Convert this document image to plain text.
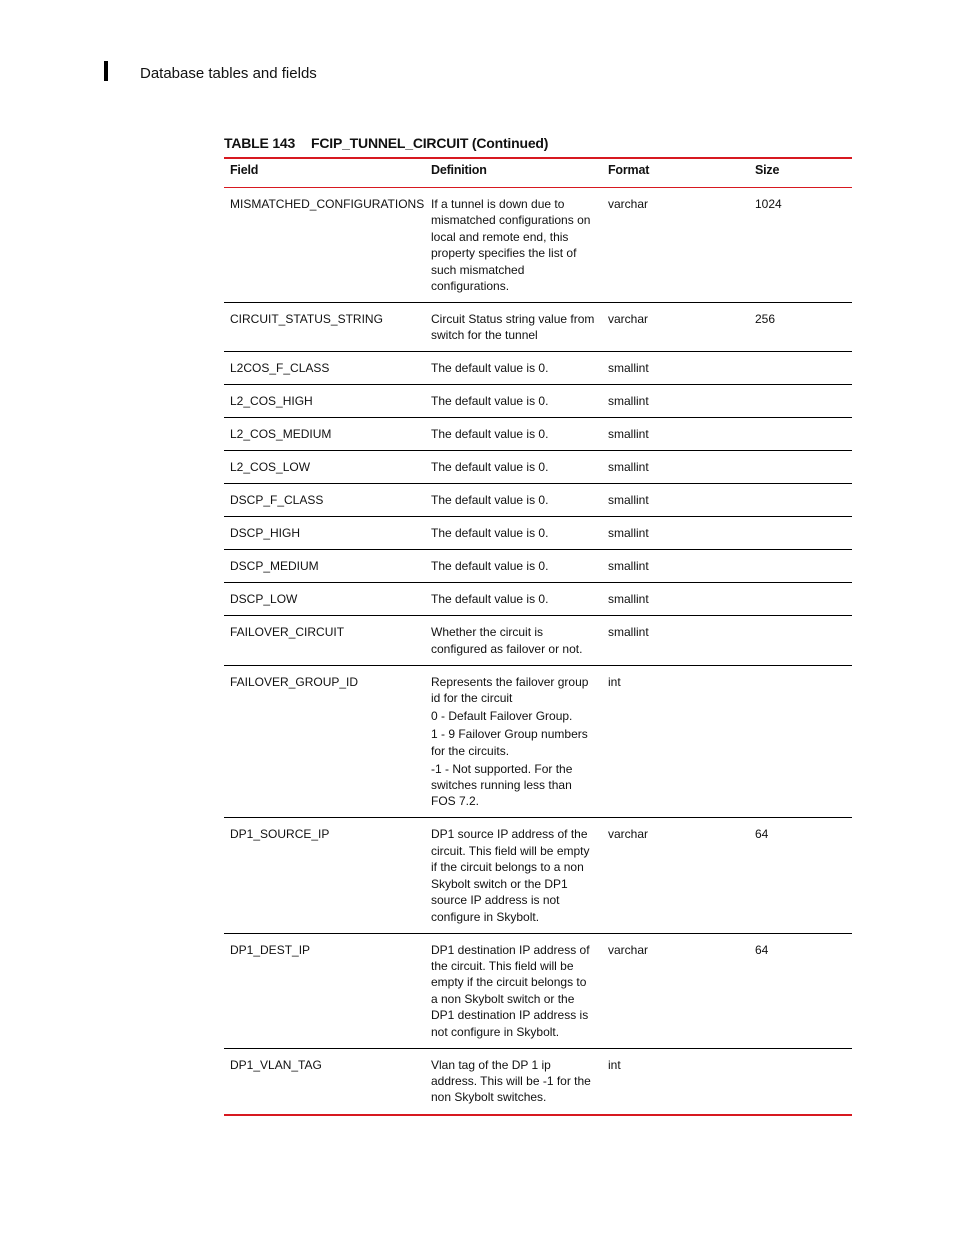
Database tables and fields
TABLE 143 FCIP_TUNNEL_CIRCUIT (Continued)
Field	Definition	Format	Size
MISMATCHED_CONFIGURATIONS	If a tunnel is down due to mismatched configurations on local and remote end, this property specifies the list of such mismatched configurations.	varchar	1024
CIRCUIT_STATUS_STRING	Circuit Status string value from switch for the tunnel	varchar	256
L2COS_F_CLASS	The default value is 0.	smallint	
L2_COS_HIGH	The default value is 0.	smallint	
L2_COS_MEDIUM	The default value is 0.	smallint	
L2_COS_LOW	The default value is 0.	smallint	
DSCP_F_CLASS	The default value is 0.	smallint	
DSCP_HIGH	The default value is 0.	smallint	
DSCP_MEDIUM	The default value is 0.	smallint	
DSCP_LOW	The default value is 0.	smallint	
FAILOVER_CIRCUIT	Whether the circuit is configured as failover or not.	smallint	
FAILOVER_GROUP_ID	Represents the failover group id for the circuit
0 - Default Failover Group.
1 - 9 Failover Group numbers for the circuits.
-1 - Not supported. For the switches running less than FOS 7.2.	int	
DP1_SOURCE_IP	DP1 source IP address of the circuit. This field will be empty if the circuit belongs to a non Skybolt switch or the DP1 source IP address is not configure in Skybolt.	varchar	64
DP1_DEST_IP	DP1 destination IP address of the circuit. This field will be empty if the circuit belongs to a non Skybolt switch or the DP1 destination IP address is not configure in Skybolt.	varchar	64
DP1_VLAN_TAG	Vlan tag of the DP 1 ip address. This will be -1 for the non Skybolt switches.	int	
